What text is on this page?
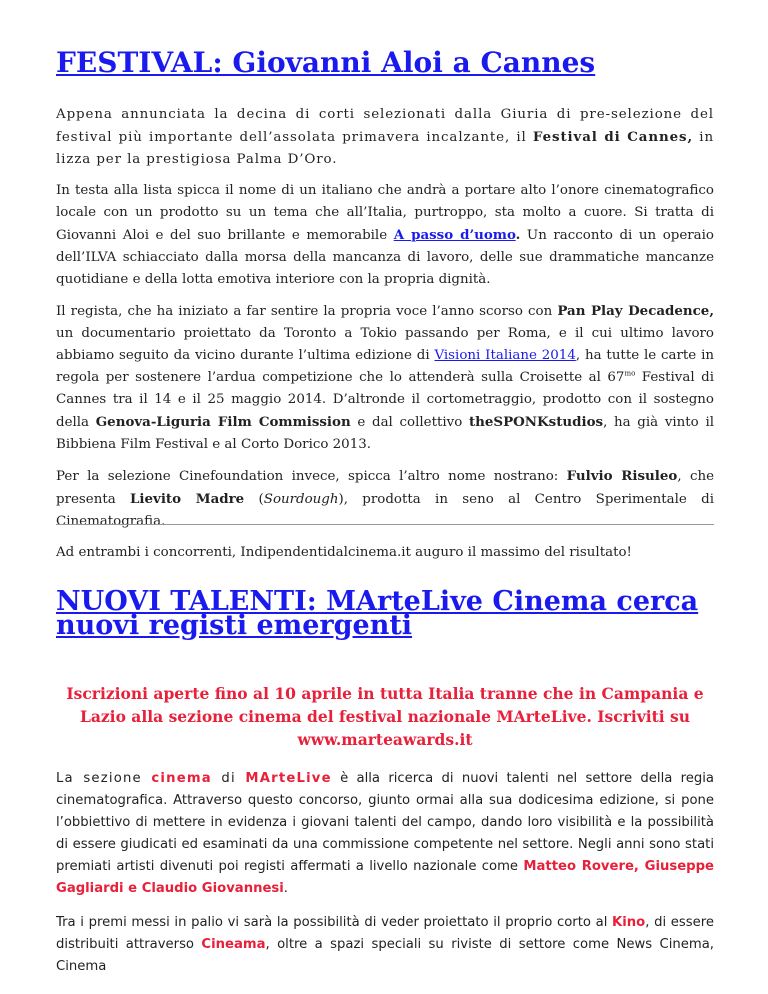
FESTIVAL: Giovanni Aloi a Cannes

Appena annunciata la decina di corti selezionati dalla Giuria di pre-selezione del festival più importante dell’assolata primavera incalzante, il Festival di Cannes, in lizza per la prestigiosa Palma D’Oro.

In testa alla lista spicca il nome di un italiano che andrà a portare alto l’onore cinematografico locale con un prodotto su un tema che all’Italia, purtroppo, sta molto a cuore. Si tratta di Giovanni Aloi e del suo brillante e memorabile A passo d’uomo. Un racconto di un operaio dell’ILVA schiacciato dalla morsa della mancanza di lavoro, delle sue drammatiche mancanze quotidiane e della lotta emotiva interiore con la propria dignità.

Il regista, che ha iniziato a far sentire la propria voce l’anno scorso con Pan Play Decadence, un documentario proiettato da Toronto a Tokio passando per Roma, e il cui ultimo lavoro abbiamo seguito da vicino durante l’ultima edizione di Visioni Italiane 2014, ha tutte le carte in regola per sostenere l’ardua competizione che lo attenderà sulla Croisette al $67^{mo}$ Festival di Cannes tra il 14 e il 25 maggio 2014. D’altronde il cortometraggio, prodotto con il sostegno della Genova-Liguria Film Commission e dal collettivo theSPONKstudios, ha già vinto il Bibbiena Film Festival e al Corto Dorico 2013.

Per la selezione Cinefoundation invece, spicca l’altro nome nostrano: Fulvio Risuleo, che presenta Lievito Madre (Sourdough), prodotta in seno al Centro Sperimentale di Cinematografia.

Ad entrambi i concorrenti, Indipendentidalcinema.it auguro il massimo del risultato!

NUOVI TALENTI: MArteLive Cinema cerca nuovi registi emergenti

Iscrizioni aperte fino al 10 aprile in tutta Italia tranne che in Campania e Lazio alla sezione cinema del festival nazionale MArteLive. Iscriviti su www.marteawards.it

La sezione cinema di MArteLive è alla ricerca di nuovi talenti nel settore della regia cinematografica. Attraverso questo concorso, giunto ormai alla sua dodicesima edizione, si pone l’obbiettivo di mettere in evidenza i giovani talenti del campo, dando loro visibilità e la possibilità di essere giudicati ed esaminati da una commissione competente nel settore. Negli anni sono stati premiati artisti divenuti poi registi affermati a livello nazionale come Matteo Rovere, Giuseppe Gagliardi e Claudio Giovannesi.

Tra i premi messi in palio vi sarà la possibilità di veder proiettato il proprio corto al Kino, di essere distribuiti attraverso Cineama, oltre a spazi speciali su riviste di settore come News Cinema, Cinema
